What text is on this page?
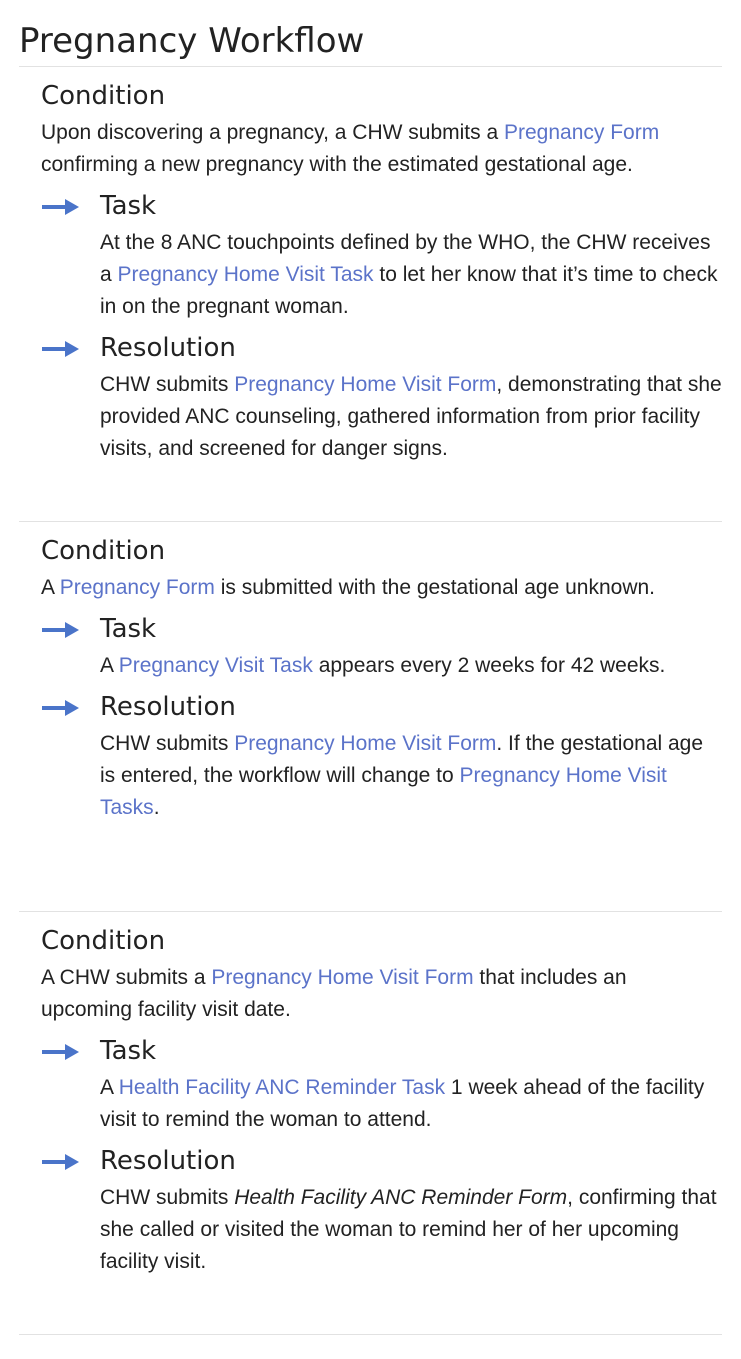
Pregnancy Workflow
Condition

Upon discovering a pregnancy, a CHW submits a Pregnancy Form confirming a new pregnancy with the estimated gestational age.

Task

At the 8 ANC touchpoints defined by the WHO, the CHW receives a Pregnancy Home Visit Task to let her know that it’s time to check in on the pregnant woman.

Resolution

CHW submits Pregnancy Home Visit Form, demonstrating that she provided ANC counseling, gathered information from prior facility visits, and screened for danger signs.

Condition

A Pregnancy Form is submitted with the gestational age unknown.

Task

A Pregnancy Visit Task appears every 2 weeks for 42 weeks.

Resolution

CHW submits Pregnancy Home Visit Form. If the gestational age is entered, the workflow will change to Pregnancy Home Visit Tasks.

Condition

A CHW submits a Pregnancy Home Visit Form that includes an upcoming facility visit date.

Task

A Health Facility ANC Reminder Task 1 week ahead of the facility visit to remind the woman to attend.

Resolution

CHW submits Health Facility ANC Reminder Form, confirming that she called or visited the woman to remind her of her upcoming facility visit.
